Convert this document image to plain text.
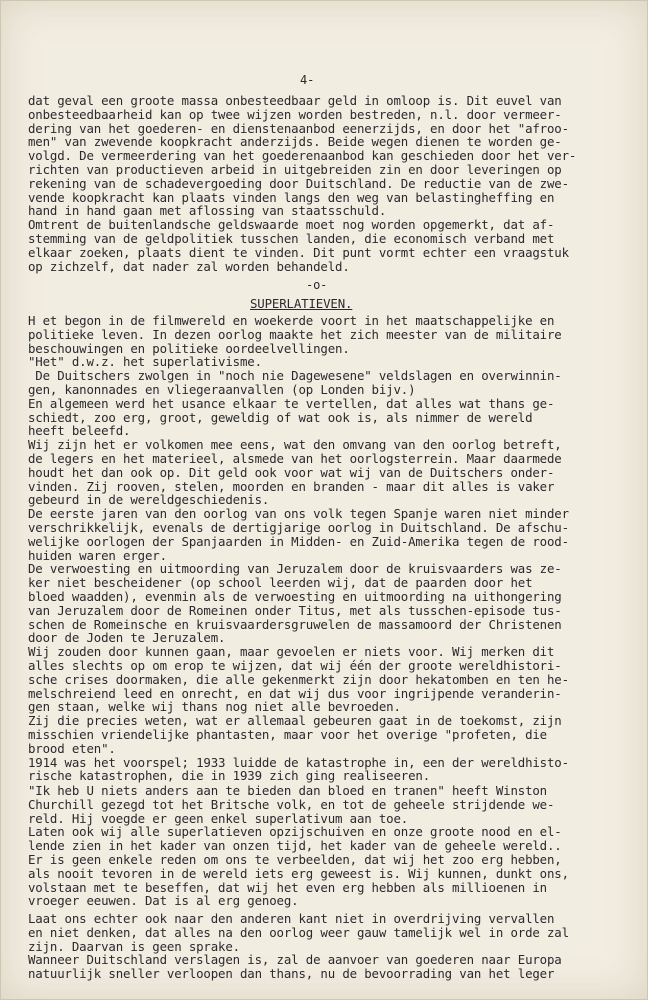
4-
dat geval een groote massa onbesteedbaar geld in omloop is. Dit euvel van
onbesteedbaarheid kan op twee wijzen worden bestreden, n.l. door vermeer-
dering van het goederen- en dienstenaanbod eenerzijds, en door het "afroo-
men" van zwevende koopkracht anderzijds. Beide wegen dienen te worden ge-
volgd. De vermeerdering van het goederenaanbod kan geschieden door het ver-
richten van productieven arbeid in uitgebreiden zin en door leveringen op
rekening van de schadevergoeding door Duitschland. De reductie van de zwe-
vende koopkracht kan plaats vinden langs den weg van belastingheffing en
hand in hand gaan met aflossing van staatsschuld.
Omtrent de buitenlandsche geldswaarde moet nog worden opgemerkt, dat af-
stemming van de geldpolitiek tusschen landen, die economisch verband met
elkaar zoeken, plaats dient te vinden. Dit punt vormt echter een vraagstuk
op zichzelf, dat nader zal worden behandeld.
-o-
SUPERLATIEVEN.
H et begon in de filmwereld en woekerde voort in het maatschappelijke en
politieke leven. In dezen oorlog maakte het zich meester van de militaire
beschouwingen en politieke oordeelvellingen.
"Het" d.w.z. het superlativisme.
De Duitschers zwolgen in "noch nie Dagewesene" veldslagen en overwinnin-
gen, kanonnades en vliegeraanvallen (op Londen bijv.)
En algemeen werd het usance elkaar te vertellen, dat alles wat thans ge-
schiedt, zoo erg, groot, geweldig of wat ook is, als nimmer de wereld
heeft beleefd.
Wij zijn het er volkomen mee eens, wat den omvang van den oorlog betreft,
de legers en het materieel, alsmede van het oorlogsterrein. Maar daarmede
houdt het dan ook op. Dit geld ook voor wat wij van de Duitschers onder-
vinden. Zij rooven, stelen, moorden en branden - maar dit alles is vaker
gebeurd in de wereldgeschiedenis.
De eerste jaren van den oorlog van ons volk tegen Spanje waren niet minder
verschrikkelijk, evenals de dertigjarige oorlog in Duitschland. De afschu-
welijke oorlogen der Spanjaarden in Midden- en Zuid-Amerika tegen de rood-
huiden waren erger.
De verwoesting en uitmoording van Jeruzalem door de kruisvaarders was ze-
ker niet bescheidener (op school leerden wij, dat de paarden door het
bloed waadden), evenmin als de verwoesting en uitmoording na uithongering
van Jeruzalem door de Romeinen onder Titus, met als tusschen-episode tus-
schen de Romeinsche en kruisvaardersgruwelen de massamoord der Christenen
door de Joden te Jeruzalem.
Wij zouden door kunnen gaan, maar gevoelen er niets voor. Wij merken dit
alles slechts op om erop te wijzen, dat wij één der groote wereldhistori-
sche crises doormaken, die alle gekenmerkt zijn door hekatomben en ten he-
melschreiend leed en onrecht, en dat wij dus voor ingrijpende veranderin-
gen staan, welke wij thans nog niet alle bevroeden.
Zij die precies weten, wat er allemaal gebeuren gaat in de toekomst, zijn
misschien vriendelijke phantasten, maar voor het overige "profeten, die
brood eten".
1914 was het voorspel; 1933 luidde de katastrophe in, een der wereldhisto-
rische katastrophen, die in 1939 zich ging realiseeren.
"Ik heb U niets anders aan te bieden dan bloed en tranen" heeft Winston
Churchill gezegd tot het Britsche volk, en tot de geheele strijdende we-
reld. Hij voegde er geen enkel superlativum aan toe.
Laten ook wij alle superlatieven opzijschuiven en onze groote nood en el-
lende zien in het kader van onzen tijd, het kader van de geheele wereld..
Er is geen enkele reden om ons te verbeelden, dat wij het zoo erg hebben,
als nooit tevoren in de wereld iets erg geweest is. Wij kunnen, dunkt ons,
volstaan met te beseffen, dat wij het even erg hebben als millioenen in
vroeger eeuwen. Dat is al erg genoeg.
Laat ons echter ook naar den anderen kant niet in overdrijving vervallen
en niet denken, dat alles na den oorlog weer gauw tamelijk wel in orde zal
zijn. Daarvan is geen sprake.
Wanneer Duitschland verslagen is, zal de aanvoer van goederen naar Europa
natuurlijk sneller verloopen dan thans, nu de bevoorrading van het leger
